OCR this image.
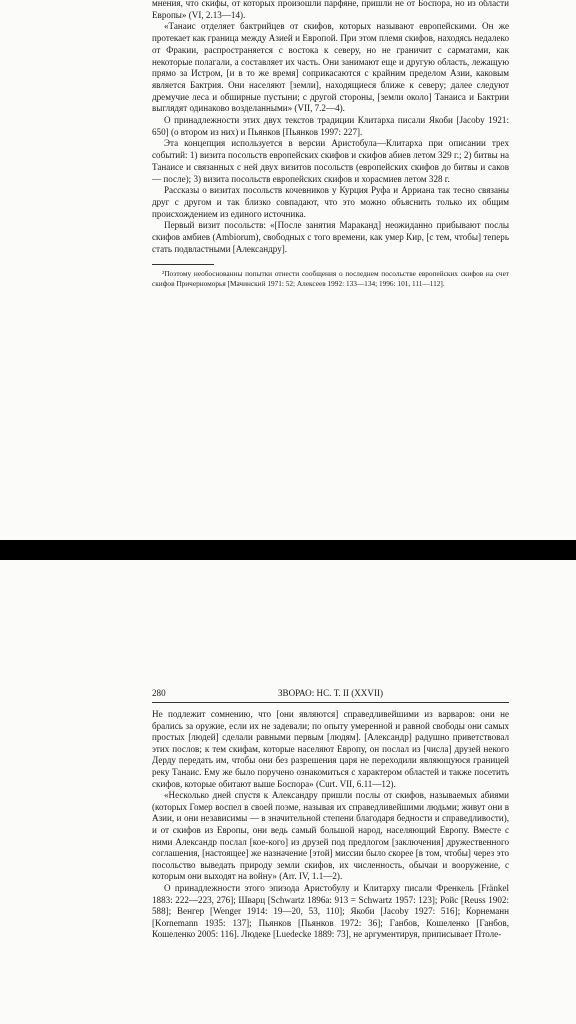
мнения, что скифы, от которых произошли парфяне, пришли не от Боспора, но из области Европы» (VI, 2.13—14).

«Танаис отделяет бактрийцев от скифов, которых называют европейскими. Он же протекает как граница между Азией и Европой. При этом племя скифов, находясь недалеко от Фракии, распространяется с востока к северу, но не граничит с сарматами, как некоторые полагали, а составляет их часть. Они занимают еще и другую область, лежащую прямо за Истром, [и в то же время] соприкасаются с крайним пределом Азии, каковым является Бактрия. Они населяют [земли], находящиеся ближе к северу; далее следуют дремучие леса и обширные пустыни; с другой стороны, [земли около] Танаиса и Бактрии выглядят одинаково возделанными» (VII, 7.2—4).

О принадлежности этих двух текстов традиции Клитарха писали Якоби [Jacoby 1921: 650] (о втором из них) и Пьянков [Пьянков 1997: 227].

Эта концепция используется в версии Аристобула—Клитарха при описании трех событий: 1) визита посольств европейских скифов и скифов абиев летом 329 г.; 2) битвы на Танаисе и связанных с ней двух визитов посольств (европейских скифов до битвы и саков — после); 3) визита посольств европейских скифов и хорасмиев летом 328 г.

Рассказы о визитах посольств кочевников у Курция Руфа и Арриана так тесно связаны друг с другом и так близко совпадают, что это можно объяснить только их общим происхождением из единого источника.

Первый визит посольств: «[После занятия Мараканд] неожиданно прибывают послы скифов амбиев (Ambiorum), свободных с того времени, как умер Кир, [с тем, чтобы] теперь стать подвластными [Александру].

²Поэтому необоснованны попытки отнести сообщения о последнем посольстве европейских скифов на счет скифов Причерноморья [Мачинский 1971: 52; Алексеев 1992: 133—134; 1996: 101, 111—112].

280	ЗВОРАО: НС. Т. II (XXVII)

Не подлежит сомнению, что [они являются] справедливейшими из варваров: они не брались за оружие, если их не задевали; по опыту умеренной и равной свободы они самых простых [людей] сделали равными первым [людям]. [Александр] радушно приветствовал этих послов; к тем скифам, которые населяют Европу, он послал из [числа] друзей некого Дерду передать им, чтобы они без разрешения царя не переходили являющуюся границей реку Танаис. Ему же было поручено ознакомиться с характером областей и также посетить скифов, которые обитают выше Боспора» (Curt. VII, 6.11—12).

«Несколько дней спустя к Александру пришли послы от скифов, называемых абиями (которых Гомер воспел в своей поэме, называя их справедливейшими людьми; живут они в Азии, и они независимы — в значительной степени благодаря бедности и справедливости), и от скифов из Европы, они ведь самый большой народ, населяющий Европу. Вместе с ними Александр послал [кое-кого] из друзей под предлогом [заключения] дружественного соглашения, [настоящее] же назначение [этой] миссии было скорее [в том, чтобы] через это посольство выведать природу земли скифов, их численность, обычаи и вооружение, с которым они выходят на войну» (Arr. IV, 1.1—2).

О принадлежности этого эпизода Аристобулу и Клитарху писали Френкель [Fränkel 1883: 222—223, 276]; Шварц [Schwartz 1896a: 913 = Schwartz 1957: 123]; Ройс [Reuss 1902: 588]; Венгер [Wenger 1914: 19—20, 53, 110]; Якоби [Jacoby 1927: 516]; Корнеманн [Kornemann 1935: 137]; Пьянков [Пьянков 1972: 36]; Ганбов, Кошеленко [Ганбов, Кошеленко 2005: 116]. Людеке [Luedecke 1889: 73], не аргументируя, приписывает Птоле-
